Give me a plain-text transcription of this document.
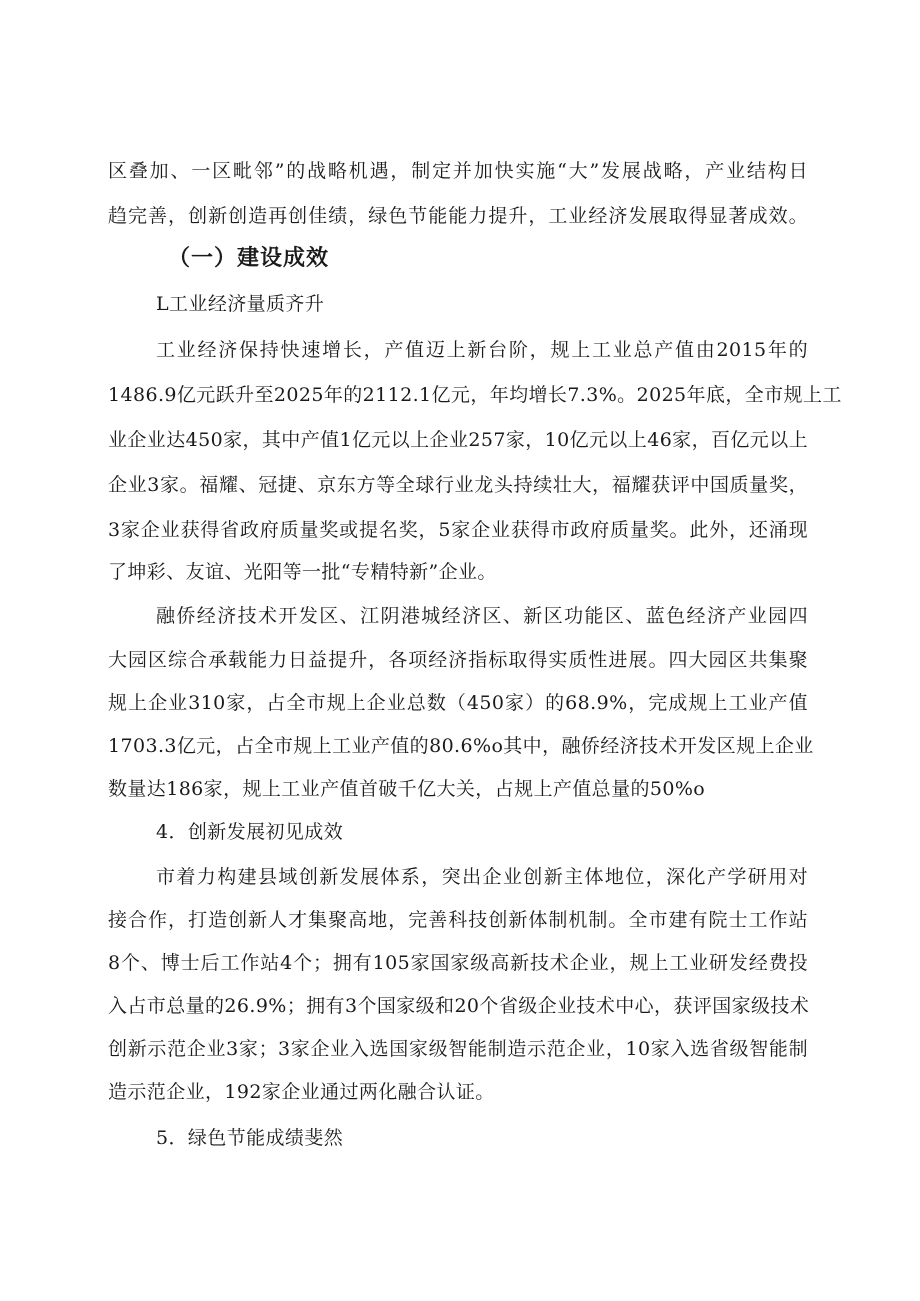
区叠加、一区毗邻”的战略机遇，制定并加快实施“大”发展战略，产业结构日
趋完善，创新创造再创佳绩，绿色节能能力提升，工业经济发展取得显著成效。
（一）建设成效
L工业经济量质齐升
工业经济保持快速增长，产值迈上新台阶，规上工业总产值由2015年的
1486.9亿元跃升至2025年的2112.1亿元，年均增长7.3%。2025年底，全市规上工
业企业达450家，其中产值1亿元以上企业257家，10亿元以上46家，百亿元以上
企业3家。福耀、冠捷、京东方等全球行业龙头持续壮大，福耀获评中国质量奖，
3家企业获得省政府质量奖或提名奖，5家企业获得市政府质量奖。此外，还涌现
了坤彩、友谊、光阳等一批“专精特新”企业。
融侨经济技术开发区、江阴港城经济区、新区功能区、蓝色经济产业园四
大园区综合承载能力日益提升，各项经济指标取得实质性进展。四大园区共集聚
规上企业310家，占全市规上企业总数（450家）的68.9%，完成规上工业产值
1703.3亿元，占全市规上工业产值的80.6%o其中，融侨经济技术开发区规上企业
数量达186家，规上工业产值首破千亿大关，占规上产值总量的50%o
4．创新发展初见成效
市着力构建县域创新发展体系，突出企业创新主体地位，深化产学研用对
接合作，打造创新人才集聚高地，完善科技创新体制机制。全市建有院士工作站
8个、博士后工作站4个；拥有105家国家级高新技术企业，规上工业研发经费投
入占市总量的26.9%；拥有3个国家级和20个省级企业技术中心，获评国家级技术
创新示范企业3家；3家企业入选国家级智能制造示范企业，10家入选省级智能制
造示范企业，192家企业通过两化融合认证。
5．绿色节能成绩斐然
